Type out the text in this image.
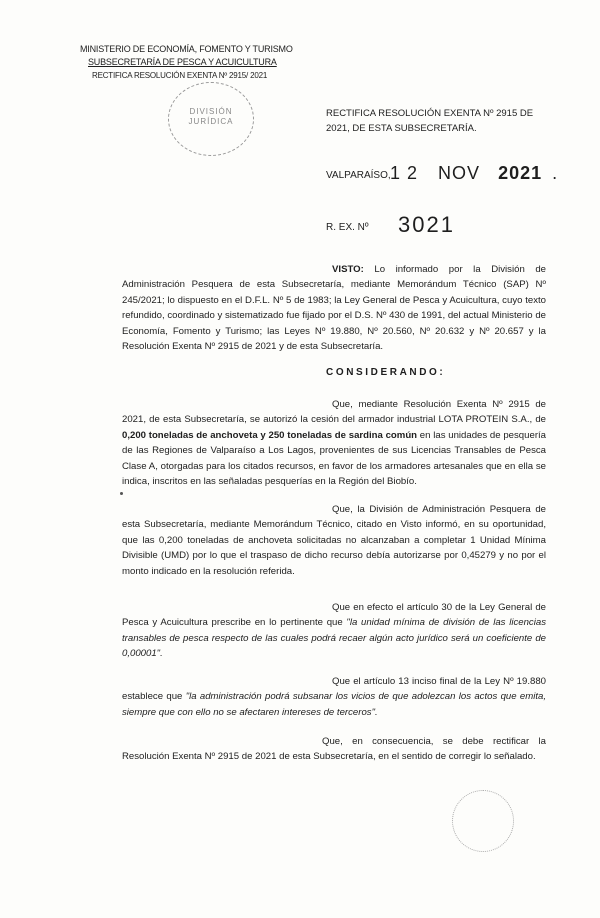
MINISTERIO DE ECONOMÍA, FOMENTO Y TURISMO
SUBSECRETARÍA DE PESCA Y ACUICULTURA
RECTIFICA RESOLUCIÓN EXENTA Nº 2915/ 2021
DIVISIÓN
JURÍDICA
RECTIFICA RESOLUCIÓN EXENTA Nº 2915 DE 2021, DE ESTA SUBSECRETARÍA.
VALPARAÍSO, 1 2 NOV 2021 .
R. EX. Nº 3021
VISTO: Lo informado por la División de Administración Pesquera de esta Subsecretaría, mediante Memorándum Técnico (SAP) Nº 245/2021; lo dispuesto en el D.F.L. Nº 5 de 1983; la Ley General de Pesca y Acuicultura, cuyo texto refundido, coordinado y sistematizado fue fijado por el D.S. Nº 430 de 1991, del actual Ministerio de Economía, Fomento y Turismo; las Leyes Nº 19.880, Nº 20.560, Nº 20.632 y Nº 20.657 y la Resolución Exenta Nº 2915 de 2021 y de esta Subsecretaría.
CONSIDERANDO:
Que, mediante Resolución Exenta Nº 2915 de 2021, de esta Subsecretaría, se autorizó la cesión del armador industrial LOTA PROTEIN S.A., de 0,200 toneladas de anchoveta y 250 toneladas de sardina común en las unidades de pesquería de las Regiones de Valparaíso a Los Lagos, provenientes de sus Licencias Transables de Pesca Clase A, otorgadas para los citados recursos, en favor de los armadores artesanales que en ella se indica, inscritos en las señaladas pesquerías en la Región del Biobío.
Que, la División de Administración Pesquera de esta Subsecretaría, mediante Memorándum Técnico, citado en Visto informó, en su oportunidad, que las 0,200 toneladas de anchoveta solicitadas no alcanzaban a completar 1 Unidad Mínima Divisible (UMD) por lo que el traspaso de dicho recurso debía autorizarse por 0,45279 y no por el monto indicado en la resolución referida.
Que en efecto el artículo 30 de la Ley General de Pesca y Acuicultura prescribe en lo pertinente que "la unidad mínima de división de las licencias transables de pesca respecto de las cuales podrá recaer algún acto jurídico será un coeficiente de 0,00001".
Que el artículo 13 inciso final de la Ley Nº 19.880 establece que "la administración podrá subsanar los vicios de que adolezcan los actos que emita, siempre que con ello no se afectaren intereses de terceros".
Que, en consecuencia, se debe rectificar la Resolución Exenta Nº 2915 de 2021 de esta Subsecretaría, en el sentido de corregir lo señalado.
